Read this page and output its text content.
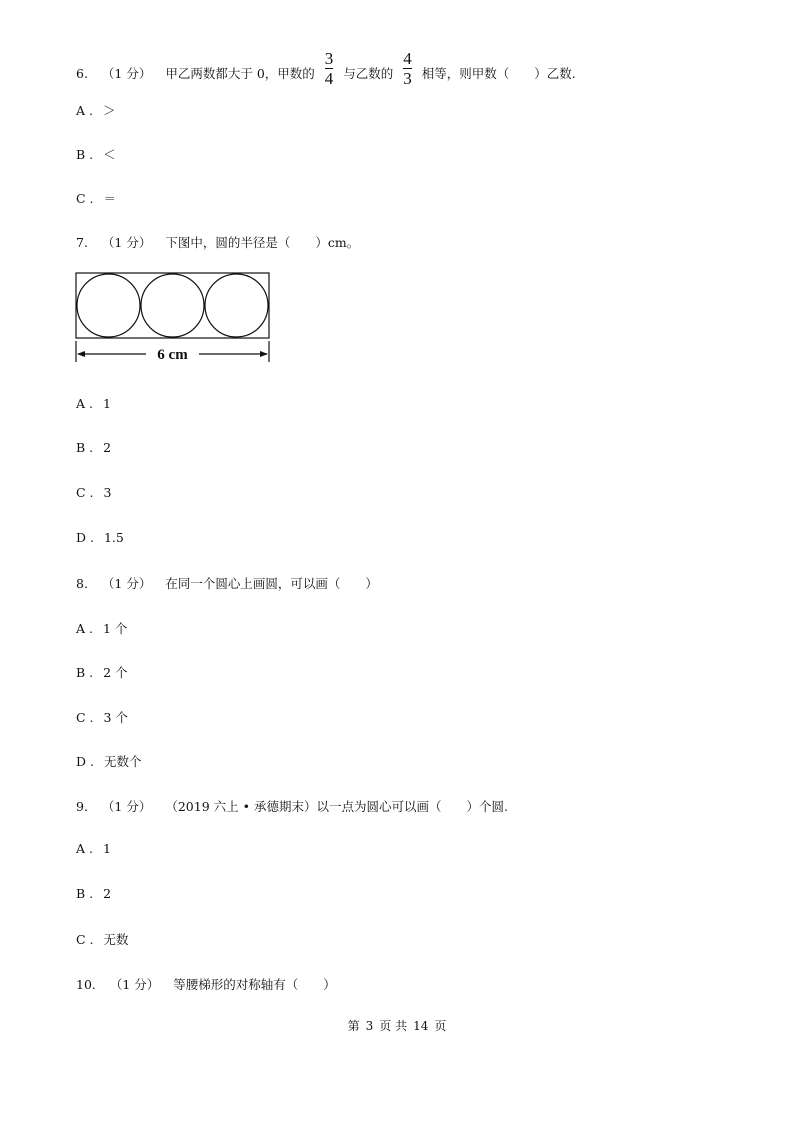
6. （1 分） 甲乙两数都大于 0，甲数的 $\frac{3}{4}$ 与乙数的 $\frac{4}{3}$ 相等，则甲数（　　）乙数.
A . ＞
B . ＜
C . ＝
7. （1 分） 下图中，圆的半径是（　　）cm。
6 cm
A . 1
B . 2
C . 3
D . 1.5
8. （1 分） 在同一个圆心上画圆，可以画（　　）
A . 1 个
B . 2 个
C . 3 个
D . 无数个
9. （1 分） （2019 六上 • 承德期末）以一点为圆心可以画（　　）个圆.
A . 1
B . 2
C . 无数
10. （1 分） 等腰梯形的对称轴有（　　）
第 3 页 共 14 页
